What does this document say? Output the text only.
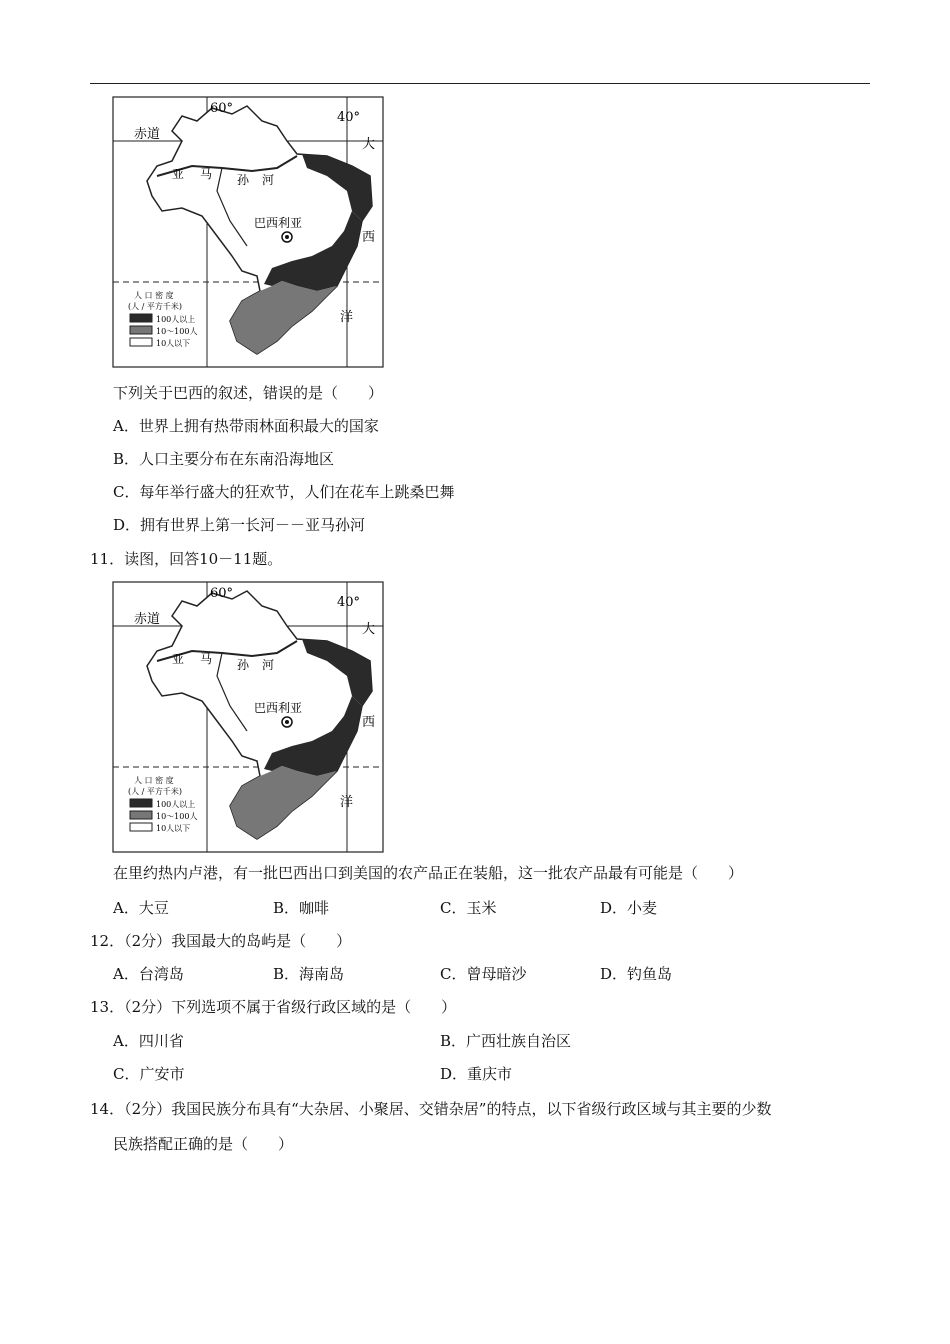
赤道
60°
40°
亚 马 孙 河
巴西利亚
大
西
洋
人 口 密 度
(人 / 平方千米)
100人以上
10～100人
10人以下
下列关于巴西的叙述，错误的是（　　）
A．世界上拥有热带雨林面积最大的国家
B．人口主要分布在东南沿海地区
C．每年举行盛大的狂欢节，人们在花车上跳桑巴舞
D．拥有世界上第一长河－－亚马孙河
11．读图，回答10－11题。
赤道
60°
40°
亚 马 孙 河
巴西利亚
大
西
洋
人 口 密 度
(人 / 平方千米)
100人以上
10～100人
10人以下
在里约热内卢港，有一批巴西出口到美国的农产品正在装船，这一批农产品最有可能是（　　）
A．大豆	B．咖啡	C．玉米	D．小麦
12．（2分）我国最大的岛屿是（　　）
A．台湾岛	B．海南岛	C．曾母暗沙	D．钓鱼岛
13．（2分）下列选项不属于省级行政区域的是（　　）
A．四川省	B．广西壮族自治区
C．广安市	D．重庆市
14．（2分）我国民族分布具有“大杂居、小聚居、交错杂居”的特点，以下省级行政区域与其主要的少数
民族搭配正确的是（　　）
